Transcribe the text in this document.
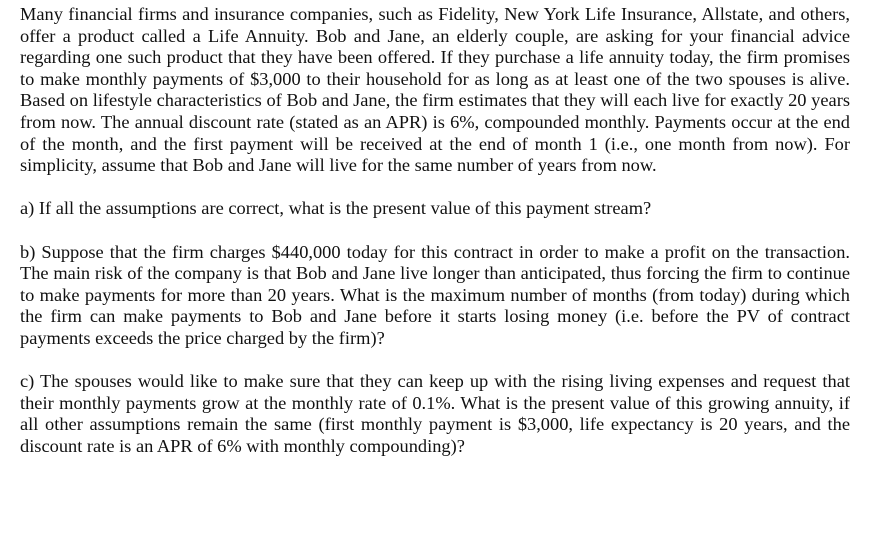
Many financial firms and insurance companies, such as Fidelity, New York Life Insurance, Allstate, and others, offer a product called a Life Annuity. Bob and Jane, an elderly couple, are asking for your financial advice regarding one such product that they have been offered. If they purchase a life annuity today, the firm promises to make monthly payments of $3,000 to their household for as long as at least one of the two spouses is alive. Based on lifestyle characteristics of Bob and Jane, the firm estimates that they will each live for exactly 20 years from now. The annual discount rate (stated as an APR) is 6%, compounded monthly. Payments occur at the end of the month, and the first payment will be received at the end of month 1 (i.e., one month from now). For simplicity, assume that Bob and Jane will live for the same number of years from now.

a) If all the assumptions are correct, what is the present value of this payment stream?

b) Suppose that the firm charges $440,000 today for this contract in order to make a profit on the transaction. The main risk of the company is that Bob and Jane live longer than anticipated, thus forcing the firm to continue to make payments for more than 20 years. What is the maximum number of months (from today) during which the firm can make payments to Bob and Jane before it starts losing money (i.e. before the PV of contract payments exceeds the price charged by the firm)?

c) The spouses would like to make sure that they can keep up with the rising living expenses and request that their monthly payments grow at the monthly rate of 0.1%. What is the present value of this growing annuity, if all other assumptions remain the same (first monthly payment is $3,000, life expectancy is 20 years, and the discount rate is an APR of 6% with monthly compounding)?
